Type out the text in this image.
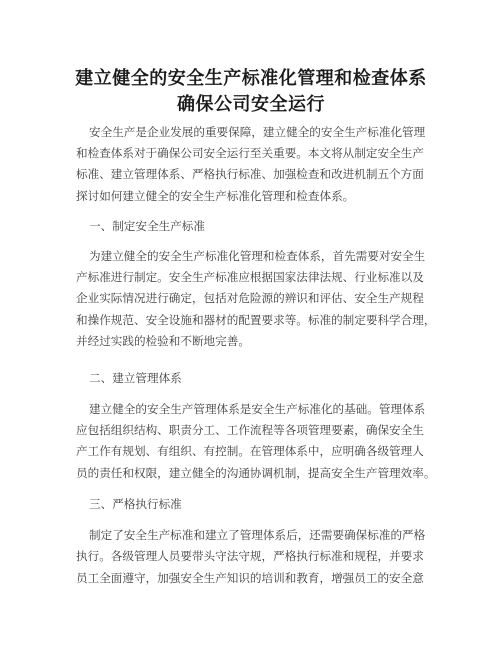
建立健全的安全生产标准化管理和检查体系
确保公司安全运行
安全生产是企业发展的重要保障，建立健全的安全生产标准化管理
和检查体系对于确保公司安全运行至关重要。本文将从制定安全生产
标准、建立管理体系、严格执行标准、加强检查和改进机制五个方面
探讨如何建立健全的安全生产标准化管理和检查体系。
一、制定安全生产标准
为建立健全的安全生产标准化管理和检查体系，首先需要对安全生
产标准进行制定。安全生产标准应根据国家法律法规、行业标准以及
企业实际情况进行确定，包括对危险源的辨识和评估、安全生产规程
和操作规范、安全设施和器材的配置要求等。标准的制定要科学合理，
并经过实践的检验和不断地完善。
二、建立管理体系
建立健全的安全生产管理体系是安全生产标准化的基础。管理体系
应包括组织结构、职责分工、工作流程等各项管理要素，确保安全生
产工作有规划、有组织、有控制。在管理体系中，应明确各级管理人
员的责任和权限，建立健全的沟通协调机制，提高安全生产管理效率。
三、严格执行标准
制定了安全生产标准和建立了管理体系后，还需要确保标准的严格
执行。各级管理人员要带头守法守规，严格执行标准和规程，并要求
员工全面遵守，加强安全生产知识的培训和教育，增强员工的安全意
